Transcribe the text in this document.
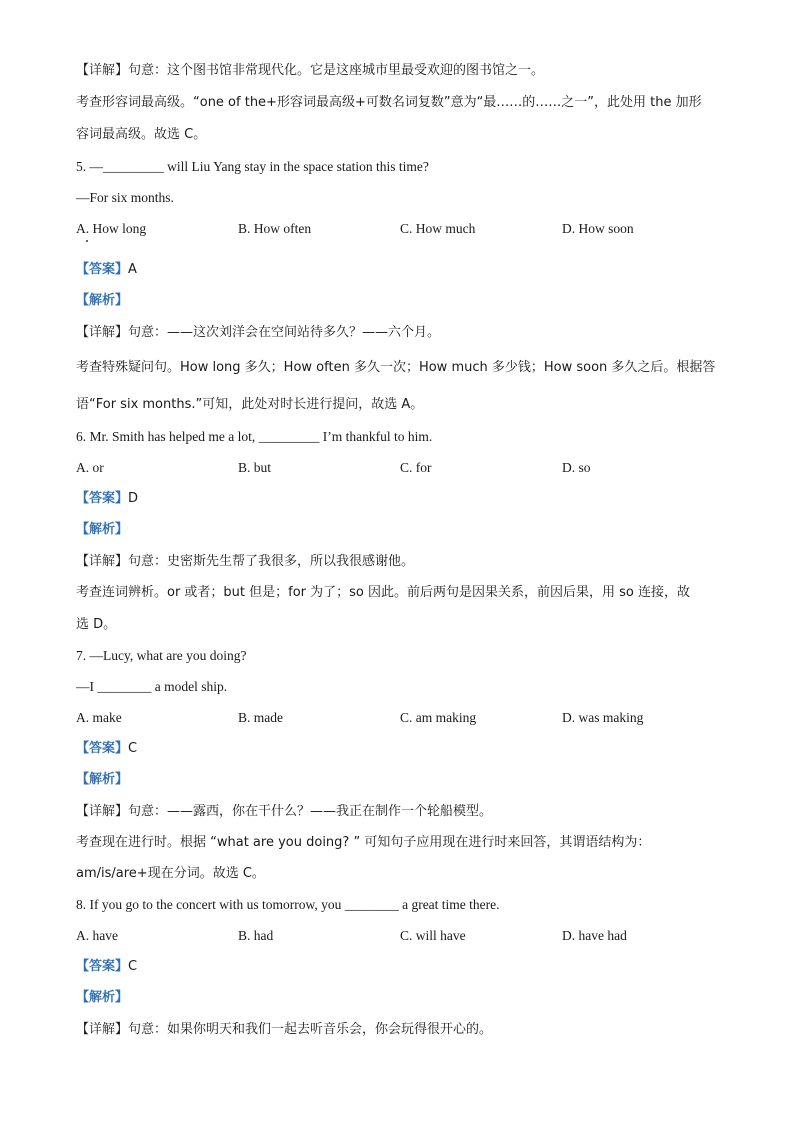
【详解】句意：这个图书馆非常现代化。它是这座城市里最受欢迎的图书馆之一。
考查形容词最高级。“one of the+形容词最高级+可数名词复数”意为“最……的……之一”，此处用 the 加形
容词最高级。故选 C。
5. —_________ will Liu Yang stay in the space station this time?
—For six months.
A. How long	B. How often	C. How much	D. How soon
【答案】A
【解析】
【详解】句意：——这次刘洋会在空间站待多久？——六个月。
考查特殊疑问句。How long 多久；How often 多久一次；How much 多少钱；How soon 多久之后。根据答
语“For six months.”可知，此处对时长进行提问，故选 A。
6. Mr. Smith has helped me a lot, _________ I’m thankful to him.
A. or	B. but	C. for	D. so
【答案】D
【解析】
【详解】句意：史密斯先生帮了我很多，所以我很感谢他。
考查连词辨析。or 或者；but 但是；for 为了；so 因此。前后两句是因果关系，前因后果，用 so 连接，故
选 D。
7. —Lucy, what are you doing?
—I ________ a model ship.
A. make	B. made	C. am making	D. was making
【答案】C
【解析】
【详解】句意：——露西，你在干什么？——我正在制作一个轮船模型。
考查现在进行时。根据 “what are you doing? ” 可知句子应用现在进行时来回答，其谓语结构为：
am/is/are+现在分词。故选 C。
8. If you go to the concert with us tomorrow, you ________ a great time there.
A. have	B. had	C. will have	D. have had
【答案】C
【解析】
【详解】句意：如果你明天和我们一起去听音乐会，你会玩得很开心的。
